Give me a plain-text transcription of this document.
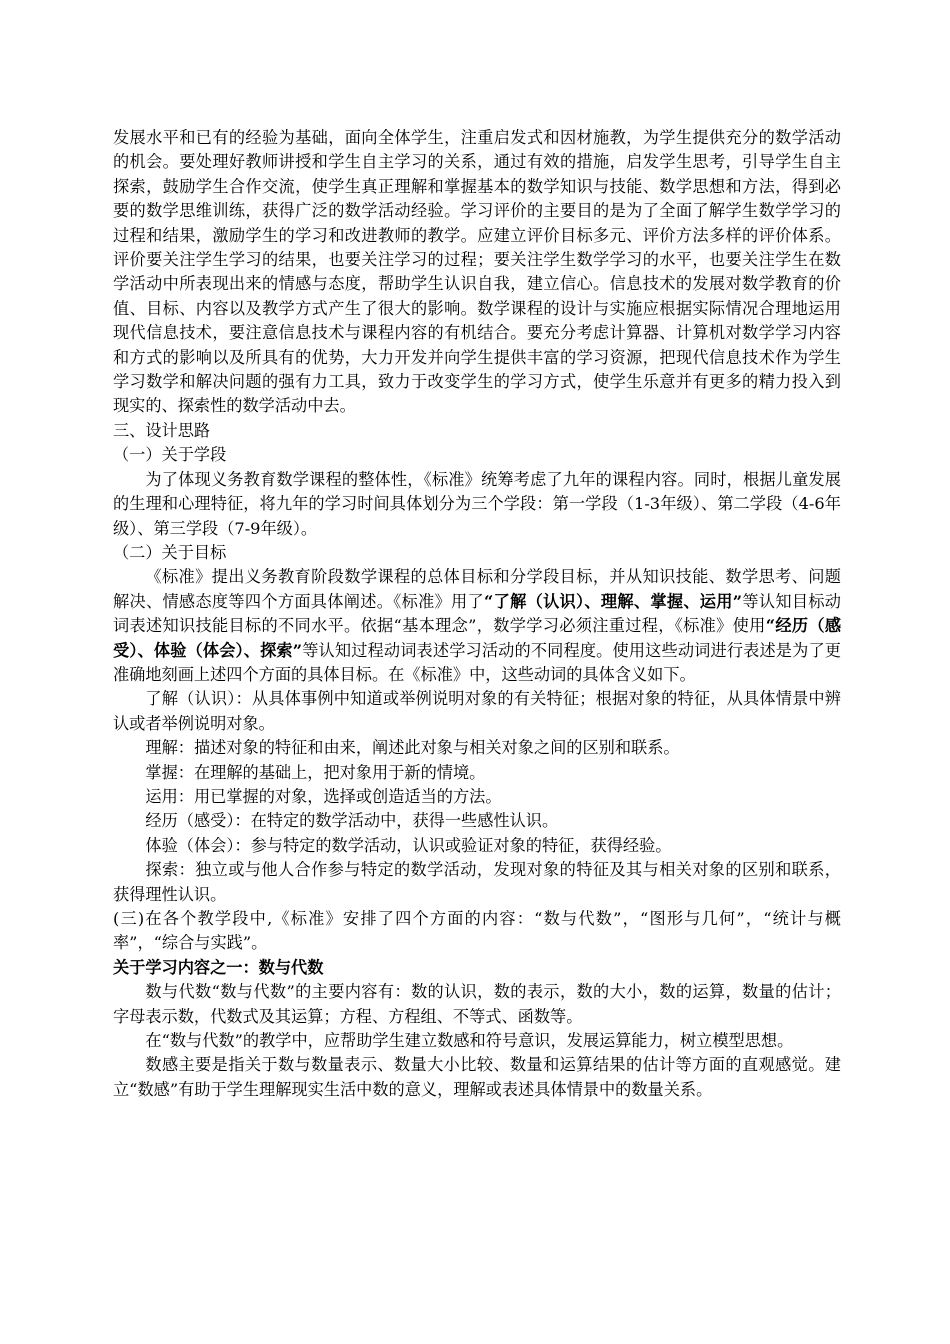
发展水平和已有的经验为基础，面向全体学生，注重启发式和因材施教，为学生提供充分的数学活动的机会。要处理好教师讲授和学生自主学习的关系，通过有效的措施，启发学生思考，引导学生自主探索，鼓励学生合作交流，使学生真正理解和掌握基本的数学知识与技能、数学思想和方法，得到必要的数学思维训练，获得广泛的数学活动经验。学习评价的主要目的是为了全面了解学生数学学习的过程和结果，激励学生的学习和改进教师的教学。应建立评价目标多元、评价方法多样的评价体系。评价要关注学生学习的结果，也要关注学习的过程；要关注学生数学学习的水平，也要关注学生在数学活动中所表现出来的情感与态度，帮助学生认识自我，建立信心。信息技术的发展对数学教育的价值、目标、内容以及教学方式产生了很大的影响。数学课程的设计与实施应根据实际情况合理地运用现代信息技术，要注意信息技术与课程内容的有机结合。要充分考虑计算器、计算机对数学学习内容和方式的影响以及所具有的优势，大力开发并向学生提供丰富的学习资源，把现代信息技术作为学生学习数学和解决问题的强有力工具，致力于改变学生的学习方式，使学生乐意并有更多的精力投入到现实的、探索性的数学活动中去。

三、设计思路

（一）关于学段

为了体现义务教育数学课程的整体性，《标准》统筹考虑了九年的课程内容。同时，根据儿童发展的生理和心理特征，将九年的学习时间具体划分为三个学段：第一学段（1-3年级）、第二学段（4-6年级）、第三学段（7-9年级）。

（二）关于目标

《标准》提出义务教育阶段数学课程的总体目标和分学段目标，并从知识技能、数学思考、问题解决、情感态度等四个方面具体阐述。《标准》用了“了解（认识）、理解、掌握、运用”等认知目标动词表述知识技能目标的不同水平。依据“基本理念”，数学学习必须注重过程，《标准》使用“经历（感受）、体验（体会）、探索”等认知过程动词表述学习活动的不同程度。使用这些动词进行表述是为了更准确地刻画上述四个方面的具体目标。在《标准》中，这些动词的具体含义如下。

了解（认识）：从具体事例中知道或举例说明对象的有关特征；根据对象的特征，从具体情景中辨认或者举例说明对象。

理解：描述对象的特征和由来，阐述此对象与相关对象之间的区别和联系。

掌握：在理解的基础上，把对象用于新的情境。

运用：用已掌握的对象，选择或创造适当的方法。

经历（感受）：在特定的数学活动中，获得一些感性认识。

体验（体会）：参与特定的数学活动，认识或验证对象的特征，获得经验。

探索：独立或与他人合作参与特定的数学活动，发现对象的特征及其与相关对象的区别和联系，获得理性认识。

(三)在各个教学段中,《标准》安排了四个方面的内容：“数与代数”，“图形与几何”，“统计与概率”，“综合与实践”。

关于学习内容之一：数与代数

数与代数“数与代数”的主要内容有：数的认识，数的表示，数的大小，数的运算，数量的估计；字母表示数，代数式及其运算；方程、方程组、不等式、函数等。

在“数与代数”的教学中，应帮助学生建立数感和符号意识，发展运算能力，树立模型思想。

数感主要是指关于数与数量表示、数量大小比较、数量和运算结果的估计等方面的直观感觉。建立“数感”有助于学生理解现实生活中数的意义，理解或表述具体情景中的数量关系。
